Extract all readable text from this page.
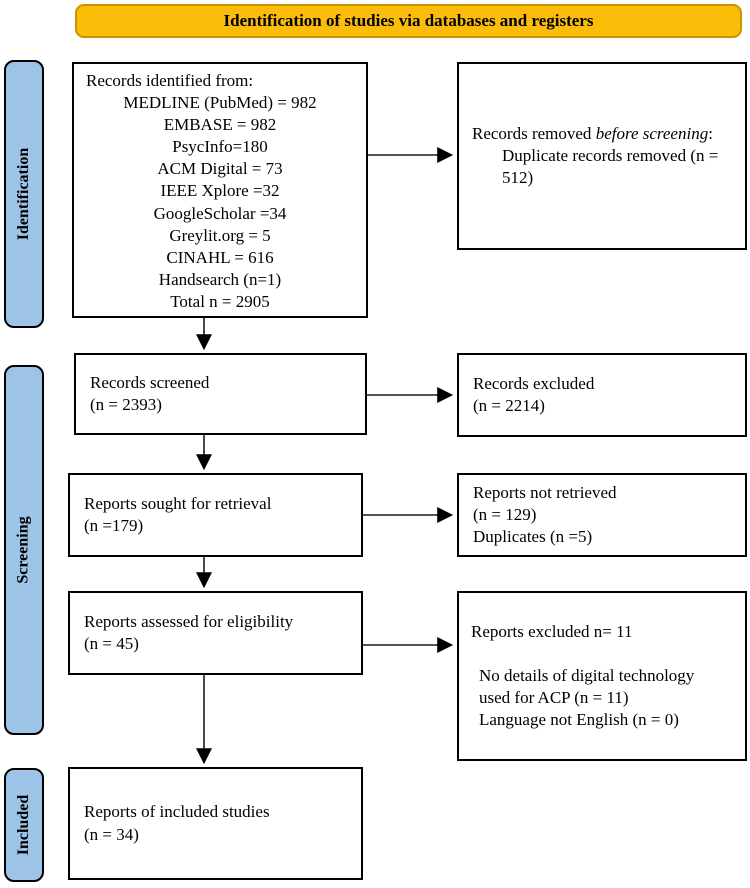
Identification of studies via databases and registers
Identification
Screening
Included
Records identified from:
MEDLINE (PubMed) = 982
EMBASE = 982
PsycInfo=180
ACM Digital = 73
IEEE Xplore =32
GoogleScholar =34
Greylit.org = 5
CINAHL = 616
Handsearch (n=1)
Total n = 2905
Records removed before screening:
Duplicate records removed (n =
512)
Records screened
(n = 2393)
Records excluded
(n = 2214)
Reports sought for retrieval
(n =179)
Reports not retrieved
(n = 129)
Duplicates (n =5)
Reports assessed for eligibility
(n = 45)
Reports excluded n= 11
No details of digital technology
used for ACP (n = 11)
Language not English (n = 0)
Reports of included studies
(n = 34)
